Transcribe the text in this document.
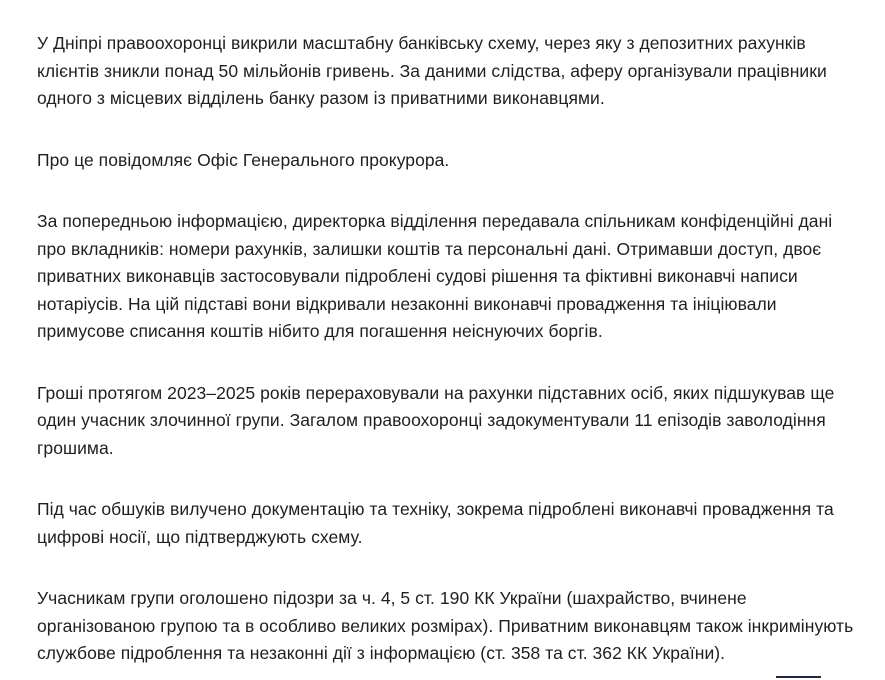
У Дніпрі правоохоронці викрили масштабну банківську схему, через яку з депозитних рахунків клієнтів зникли понад 50 мільйонів гривень. За даними слідства, аферу організували працівники одного з місцевих відділень банку разом із приватними виконавцями.

Про це повідомляє Офіс Генерального прокурора.

За попередньою інформацією, директорка відділення передавала спільникам конфіденційні дані про вкладників: номери рахунків, залишки коштів та персональні дані. Отримавши доступ, двоє приватних виконавців застосовували підроблені судові рішення та фіктивні виконавчі написи нотаріусів. На цій підставі вони відкривали незаконні виконавчі провадження та ініціювали примусове списання коштів нібито для погашення неіснуючих боргів.

Гроші протягом 2023–2025 років перераховували на рахунки підставних осіб, яких підшукував ще один учасник злочинної групи. Загалом правоохоронці задокументували 11 епізодів заволодіння грошима.

Під час обшуків вилучено документацію та техніку, зокрема підроблені виконавчі провадження та цифрові носії, що підтверджують схему.

Учасникам групи оголошено підозри за ч. 4, 5 ст. 190 КК України (шахрайство, вчинене організованою групою та в особливо великих розмірах). Приватним виконавцям також інкримінують службове підроблення та незаконні дії з інформацією (ст. 358 та ст. 362 КК України).
